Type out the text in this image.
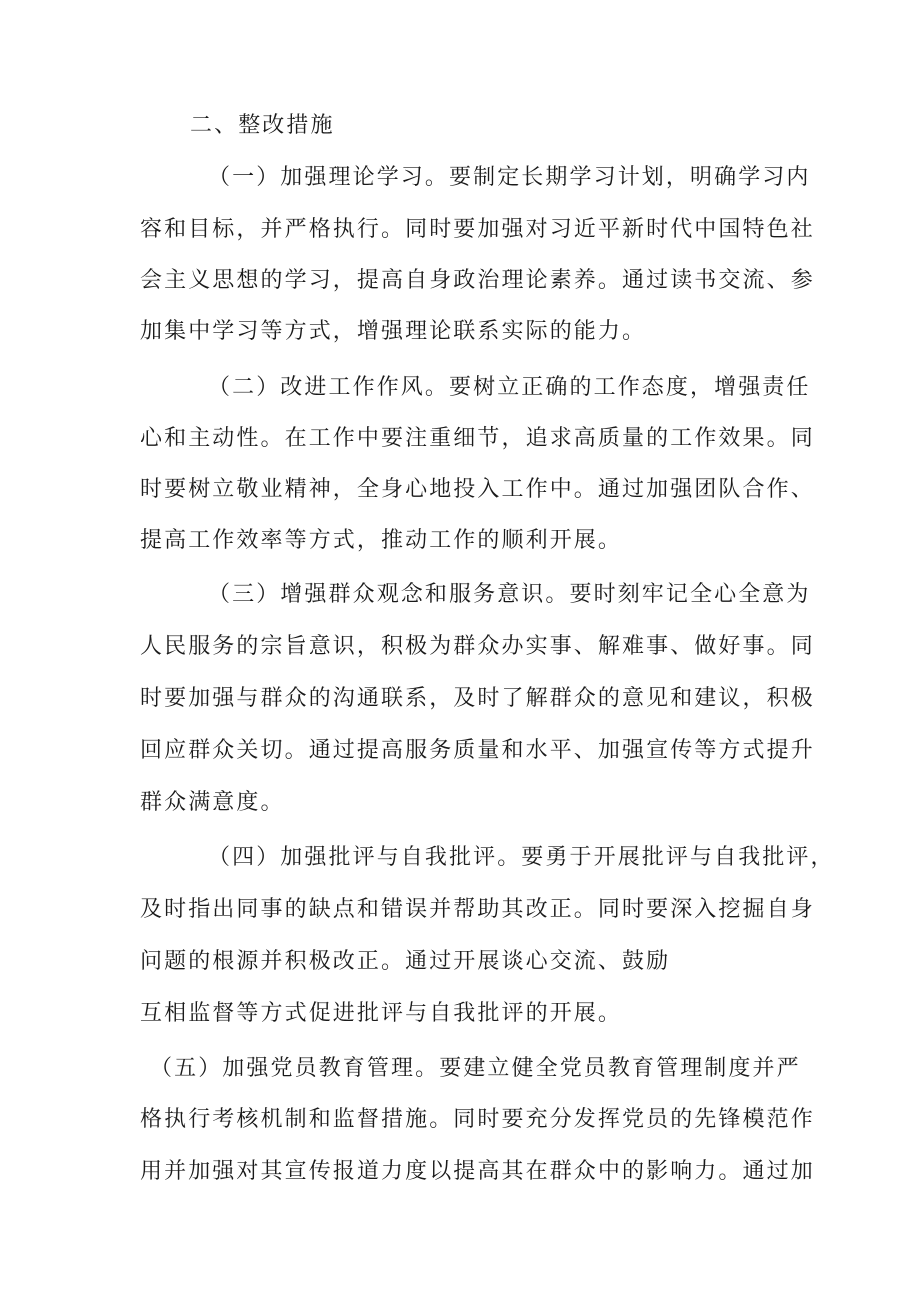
二、整改措施
（一）加强理论学习。要制定长期学习计划，明确学习内
容和目标，并严格执行。同时要加强对习近平新时代中国特色社
会主义思想的学习，提高自身政治理论素养。通过读书交流、参
加集中学习等方式，增强理论联系实际的能力。
（二）改进工作作风。要树立正确的工作态度，增强责任
心和主动性。在工作中要注重细节，追求高质量的工作效果。同
时要树立敬业精神，全身心地投入工作中。通过加强团队合作、
提高工作效率等方式，推动工作的顺利开展。
（三）增强群众观念和服务意识。要时刻牢记全心全意为
人民服务的宗旨意识，积极为群众办实事、解难事、做好事。同
时要加强与群众的沟通联系，及时了解群众的意见和建议，积极
回应群众关切。通过提高服务质量和水平、加强宣传等方式提升
群众满意度。
（四）加强批评与自我批评。要勇于开展批评与自我批评，
及时指出同事的缺点和错误并帮助其改正。同时要深入挖掘自身
问题的根源并积极改正。通过开展谈心交流、鼓励
互相监督等方式促进批评与自我批评的开展。
（五）加强党员教育管理。要建立健全党员教育管理制度并严
格执行考核机制和监督措施。同时要充分发挥党员的先锋模范作
用并加强对其宣传报道力度以提高其在群众中的影响力。通过加
